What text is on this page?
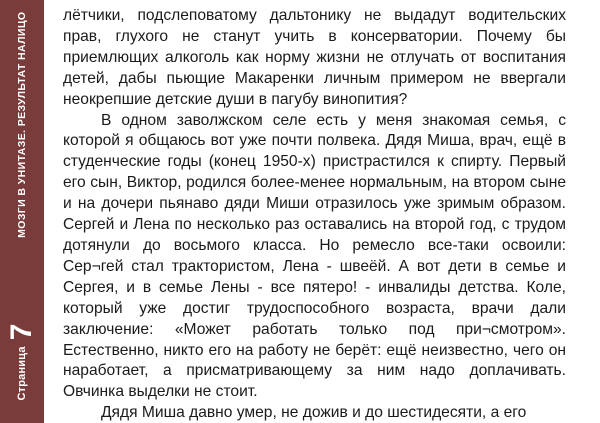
Страница
7
МОЗГИ В УНИТАЗЕ. РЕЗУЛЬТАТ НАЛИЦО лётчики, подслеповатому дальтонику не выдадут водительских прав, глухого не станут учить в консерватории. Почему бы приемлющих алкоголь как норму жизни не отлучать от воспитания детей, дабы пьющие Макаренки личным примером не ввергали неокрепшие детские души в пагубу винопития?

В одном заволжском селе есть у меня знакомая семья, с которой я общаюсь вот уже почти полвека. Дядя Миша, врач, ещё в студенческие годы (конец 1950-х) пристрастился к спирту. Первый его сын, Виктор, родился более-менее нормальным, на втором сыне и на дочери пьянаво дяди Миши отразилось уже зримым образом. Сергей и Лена по несколько раз оставались на второй год, с трудом дотянули до восьмого класса. Но ремесло все-таки освоили: Сер¬гей стал трактористом, Лена - швеёй. А вот дети в семье и Сергея, и в семье Лены - все пятеро! - инвалиды детства. Коле, который уже достиг трудоспособного возраста, врачи дали заключение: «Может работать только под при¬смотром». Естественно, никто его на работу не берёт: ещё неизвестно, чего он наработает, а присматривающему за ним надо доплачивать. Овчинка выделки не стоит.

Дядя Миша давно умер, не дожив и до шестидесяти, а его
